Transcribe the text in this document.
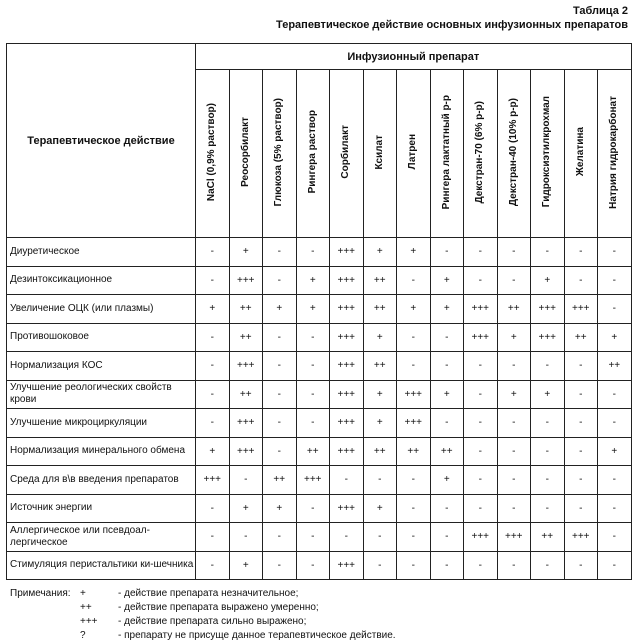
Таблица 2
Терапевтическое действие основных инфузионных препаратов
Терапевтическое действие	Инфузионный препарат												
	NaCl (0,9% раствор)	Реосорбилакт	Глюкоза (5% раствор)	Рингера раствор	Сорбилакт	Ксилат	Латрен	Рингера лактатный р-р	Декстран-70 (6% р-р)	Декстран-40 (10% р-р)	Гидроксиэтилкрохмал	Желатина	Натрия гидрокарбонат
Диуретическое	-	+	-	-	+++	+	+	-	-	-	-	-	-
Дезинтоксикационное	-	+++	-	+	+++	++	-	+	-	-	+	-	-
Увеличение ОЦК (или плазмы)	+	++	+	+	+++	++	+	+	+++	++	+++	+++	-
Противошоковое	-	++	-	-	+++	+	-	-	+++	+	+++	++	+
Нормализация КОС	-	+++	-	-	+++	++	-	-	-	-	-	-	++
Улучшение реологических свойств крови	-	++	-	-	+++	+	+++	+	-	+	+	-	-
Улучшение микроциркуляции	-	+++	-	-	+++	+	+++	-	-	-	-	-	-
Нормализация минерального обмена	+	+++	-	++	+++	++	++	++	-	-	-	-	+
Среда для в\в введения препаратов	+++	-	++	+++	-	-	-	+	-	-	-	-	-
Источник энергии	-	+	+	-	+++	+	-	-	-	-	-	-	-
Аллергическое или псевдоал-лергическое	-	-	-	-	-	-	-	-	+++	+++	++	+++	-
Стимуляция перистальтики ки-шечника	-	+	-	-	+++	-	-	-	-	-	-	-	-
Примечания: +	- действие препарата незначительное;
++	- действие препарата выражено умеренно;
+++	- действие препарата сильно выражено;
?	- препарату не присуще данное терапевтическое действие.
